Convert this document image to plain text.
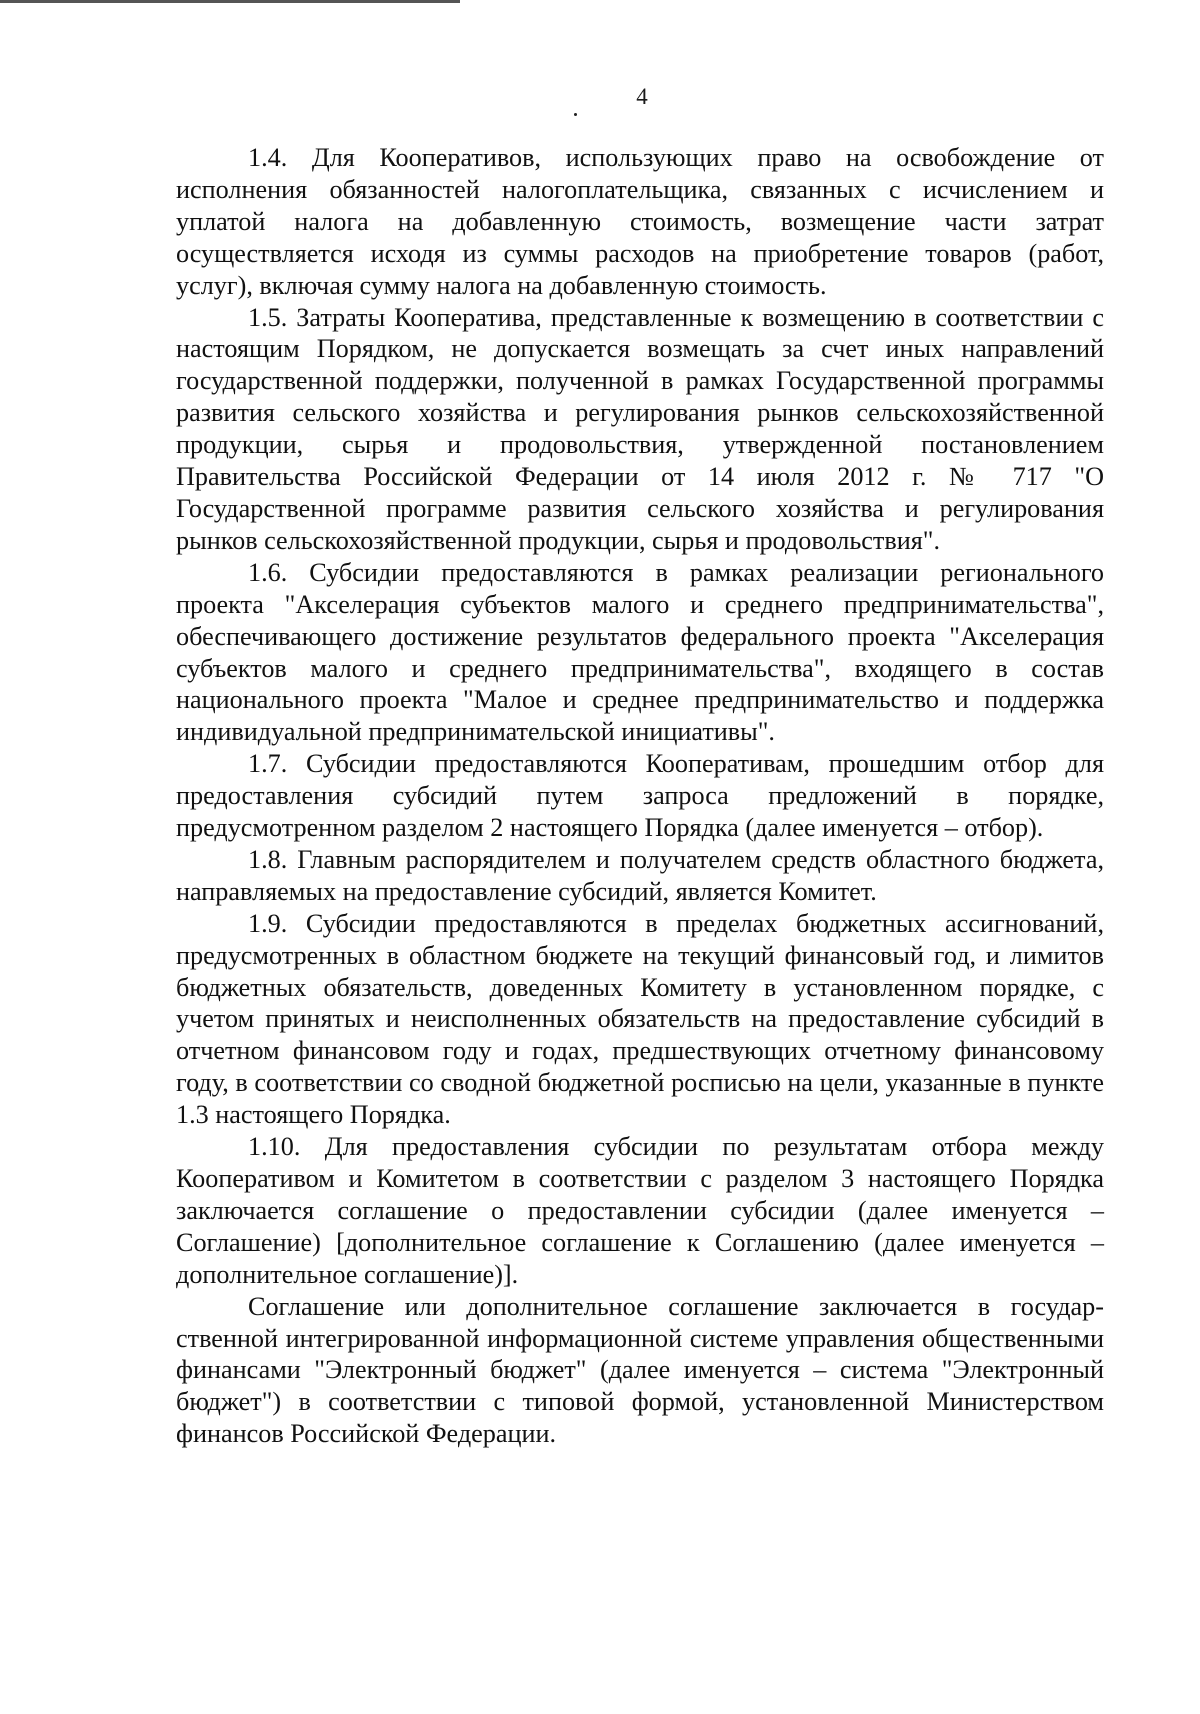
4

1.4. Для Кооперативов, использующих право на освобождение от исполнения обязанностей налогоплательщика, связанных с исчислением и уплатой налога на добавленную стоимость, возмещение части затрат осуществляется исходя из суммы расходов на приобретение товаров (работ, услуг), включая сумму налога на добавленную стоимость.

1.5. Затраты Кооператива, представленные к возмещению в соответствии с настоящим Порядком, не допускается возмещать за счет иных направлений государственной поддержки, полученной в рамках Государственной программы развития сельского хозяйства и регулирования рынков сельскохозяйственной продукции, сырья и продовольствия, утвержденной постановлением Правительства Российской Федерации от 14 июля 2012 г. № 717 "О Государственной программе развития сельского хозяйства и регулирования рынков сельскохозяйственной продукции, сырья и продовольствия".

1.6. Субсидии предоставляются в рамках реализации регионального проекта "Акселерация субъектов малого и среднего предпринимательства", обеспечивающего достижение результатов федерального проекта "Акселерация субъектов малого и среднего предпринимательства", входящего в состав национального проекта "Малое и среднее предпринимательство и поддержка индивидуальной предпринимательской инициативы".

1.7. Субсидии предоставляются Кооперативам, прошедшим отбор для предоставления субсидий путем запроса предложений в порядке, предусмотренном разделом 2 настоящего Порядка (далее именуется – отбор).

1.8. Главным распорядителем и получателем средств областного бюджета, направляемых на предоставление субсидий, является Комитет.

1.9. Субсидии предоставляются в пределах бюджетных ассигнований, предусмотренных в областном бюджете на текущий финансовый год, и лимитов бюджетных обязательств, доведенных Комитету в установленном порядке, с учетом принятых и неисполненных обязательств на предоставление субсидий в отчетном финансовом году и годах, предшествующих отчетному финансовому году, в соответствии со сводной бюджетной росписью на цели, указанные в пункте 1.3 настоящего Порядка.

1.10. Для предоставления субсидии по результатам отбора между Кооперативом и Комитетом в соответствии с разделом 3 настоящего Порядка заключается соглашение о предоставлении субсидии (далее именуется – Соглашение) [дополнительное соглашение к Соглашению (далее именуется – дополнительное соглашение)].

Соглашение или дополнительное соглашение заключается в государственной интегрированной информационной системе управления общественными финансами "Электронный бюджет" (далее именуется – система "Электронный бюджет") в соответствии с типовой формой, установленной Министерством финансов Российской Федерации.
